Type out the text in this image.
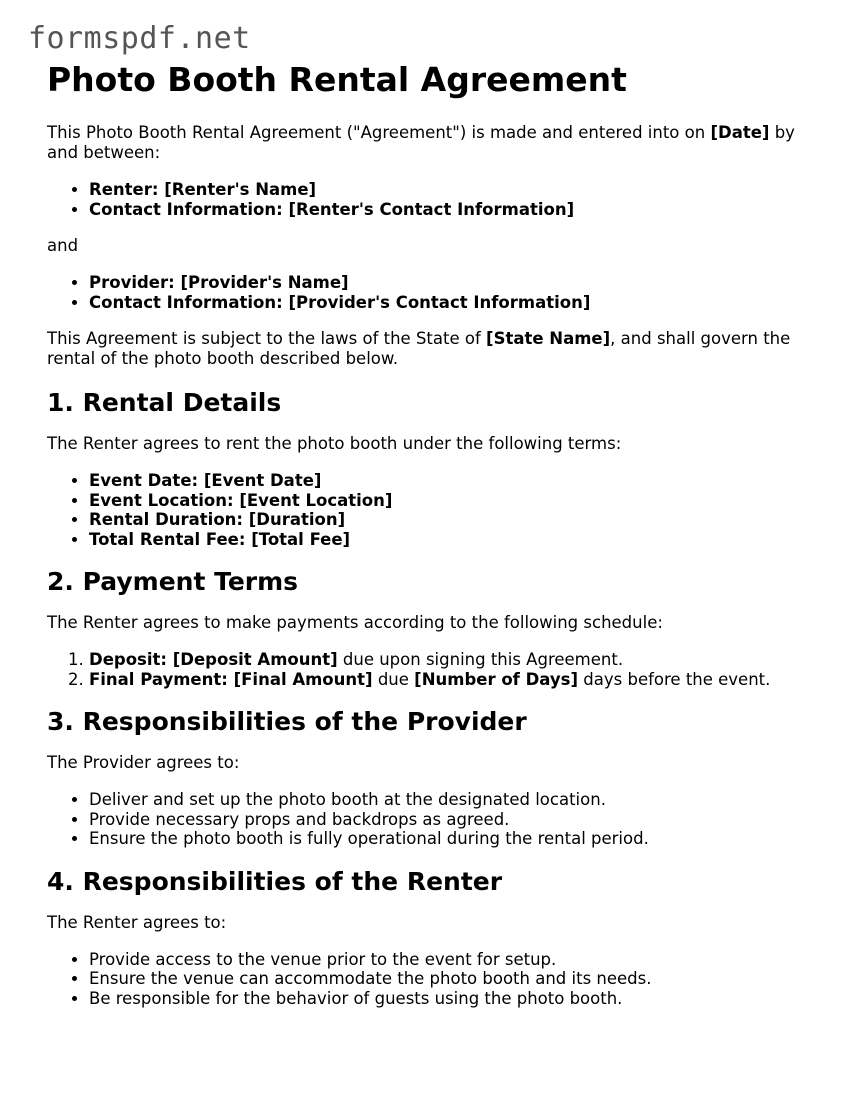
formspdf.net
Photo Booth Rental Agreement

This Photo Booth Rental Agreement ("Agreement") is made and entered into on [Date] by and between:

• Renter: [Renter's Name]
• Contact Information: [Renter's Contact Information]

and

• Provider: [Provider's Name]
• Contact Information: [Provider's Contact Information]

This Agreement is subject to the laws of the State of [State Name], and shall govern the rental of the photo booth described below.

1. Rental Details

The Renter agrees to rent the photo booth under the following terms:

• Event Date: [Event Date]
• Event Location: [Event Location]
• Rental Duration: [Duration]
• Total Rental Fee: [Total Fee]
2. Payment Terms

The Renter agrees to make payments according to the following schedule:

1. Deposit: [Deposit Amount] due upon signing this Agreement.
2. Final Payment: [Final Amount] due [Number of Days] days before the event.
3. Responsibilities of the Provider

The Provider agrees to:

• Deliver and set up the photo booth at the designated location.
• Provide necessary props and backdrops as agreed.
• Ensure the photo booth is fully operational during the rental period.
4. Responsibilities of the Renter

The Renter agrees to:

• Provide access to the venue prior to the event for setup.
• Ensure the venue can accommodate the photo booth and its needs.
• Be responsible for the behavior of guests using the photo booth.
